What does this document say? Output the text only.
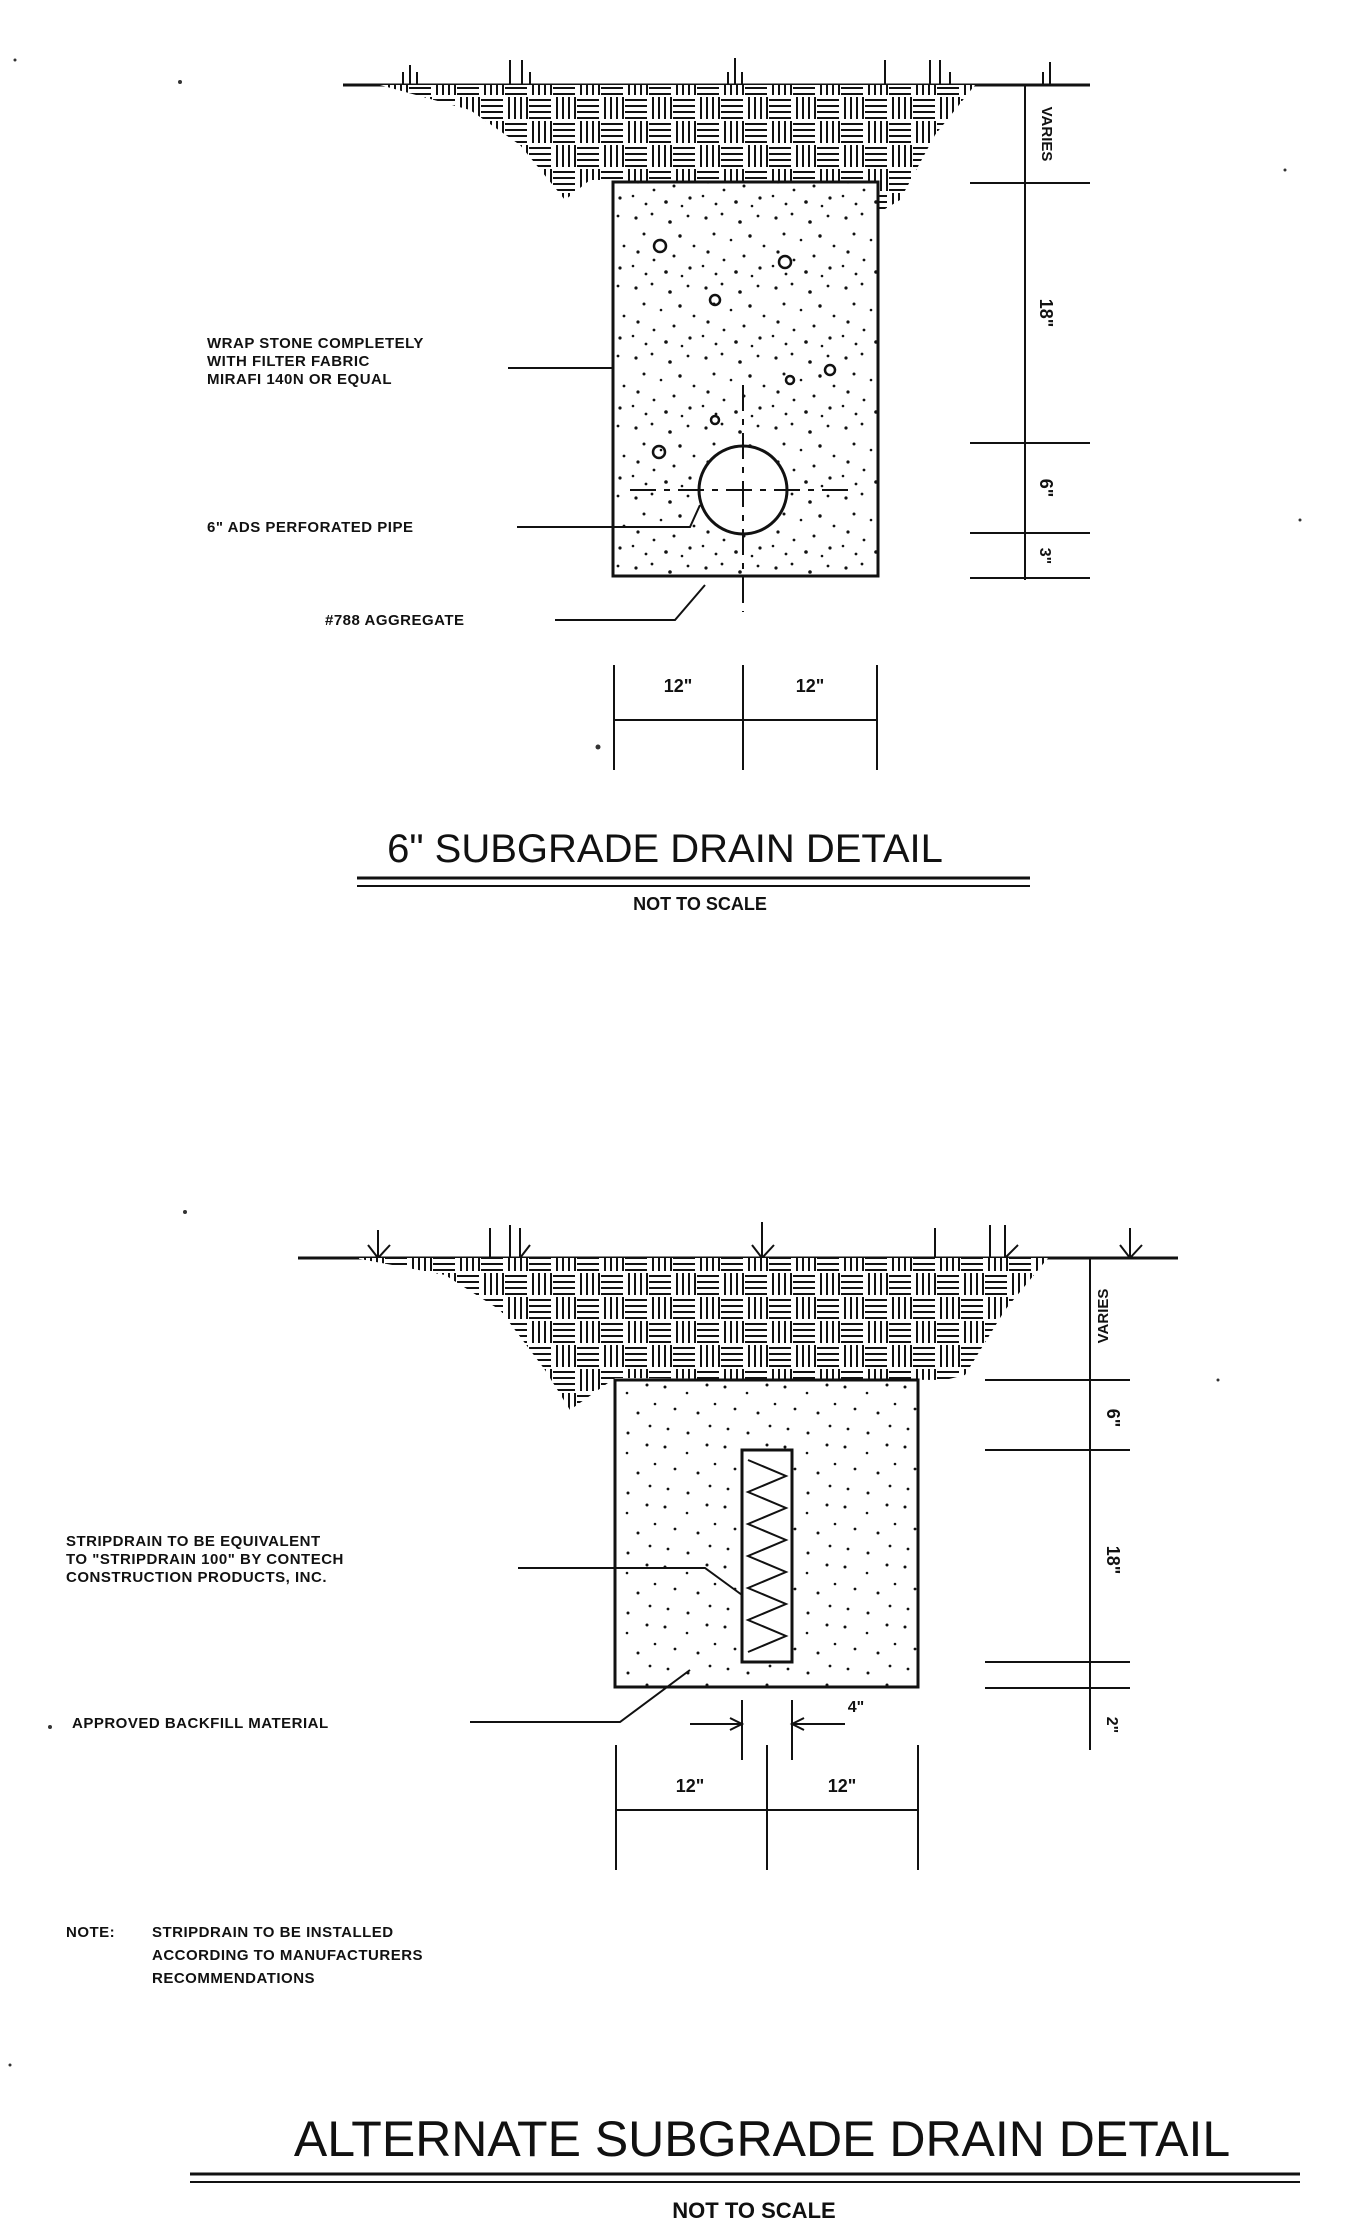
VARIES
18"
6"
3"
12"	12"
WRAP STONE COMPLETELY
WITH FILTER FABRIC
MIRAFI 140N OR EQUAL
6" ADS PERFORATED PIPE
#788 AGGREGATE
6" SUBGRADE DRAIN DETAIL
NOT TO SCALE
VARIES
6"
18"
2"
4"
12"	12"
STRIPDRAIN TO BE EQUIVALENT
TO "STRIPDRAIN 100" BY CONTECH
CONSTRUCTION PRODUCTS, INC.
APPROVED BACKFILL MATERIAL
NOTE: STRIPDRAIN TO BE INSTALLED
ACCORDING TO MANUFACTURERS
RECOMMENDATIONS
ALTERNATE SUBGRADE DRAIN DETAIL
NOT TO SCALE
